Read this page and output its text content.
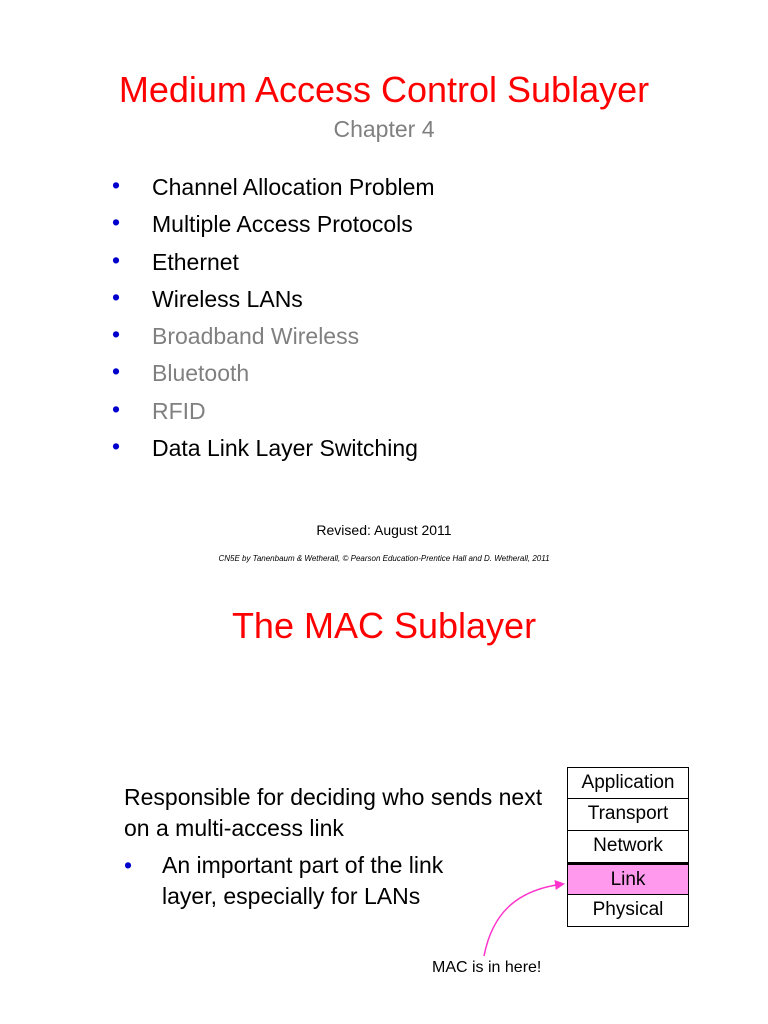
Medium Access Control Sublayer
Chapter 4
• Channel Allocation Problem
• Multiple Access Protocols
• Ethernet
• Wireless LANs
• Broadband Wireless
• Bluetooth
• RFID
• Data Link Layer Switching
Revised: August 2011
CN5E by Tanenbaum & Wetherall, © Pearson Education-Prentice Hall and D. Wetherall, 2011
The MAC Sublayer
Responsible for deciding who sends next on a multi-access link
• An important part of the link layer, especially for LANs
Application
Transport
Network
Link
Physical
MAC is in here!
